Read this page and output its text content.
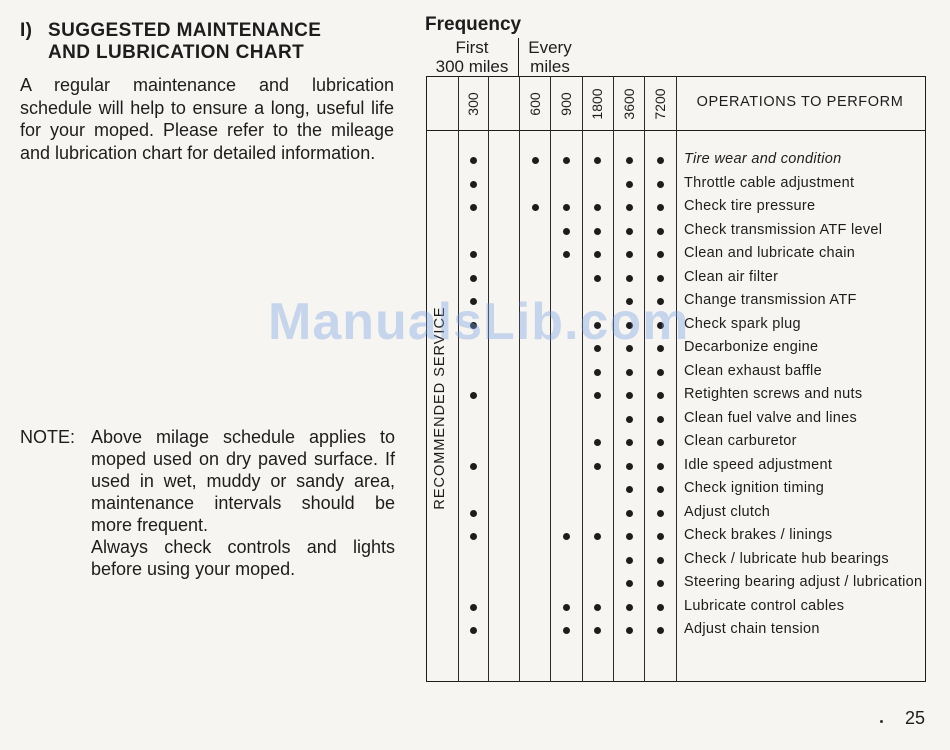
I) SUGGESTED MAINTENANCE
AND LUBRICATION CHART
A regular maintenance and lubrication schedule will help to ensure a long, useful life for your moped. Please refer to the mileage and lubrication chart for detailed information.
NOTE: Above milage schedule applies to moped used on dry paved surface. If used in wet, muddy or sandy area, maintenance intervals should be more frequent.

Always check controls and lights before using your moped.

Frequency
First
300 miles
Every
miles
300	600 900 1800 3600 7200	OPERATIONS TO PERFORM
RECOMMENDED SERVICE
Tire wear and condition
Throttle cable adjustment
Check tire pressure
Check transmission ATF level
Clean and lubricate chain
Clean air filter
Change transmission ATF
Check spark plug
Decarbonize engine
Clean exhaust baffle
Retighten screws and nuts
Clean fuel valve and lines
Clean carburetor
Idle speed adjustment
Check ignition timing
Adjust clutch
Check brakes / linings
Check / lubricate hub bearings
Steering bearing adjust / lubrication
Lubricate control cables
Adjust chain tension
ManualsLib.com
25
